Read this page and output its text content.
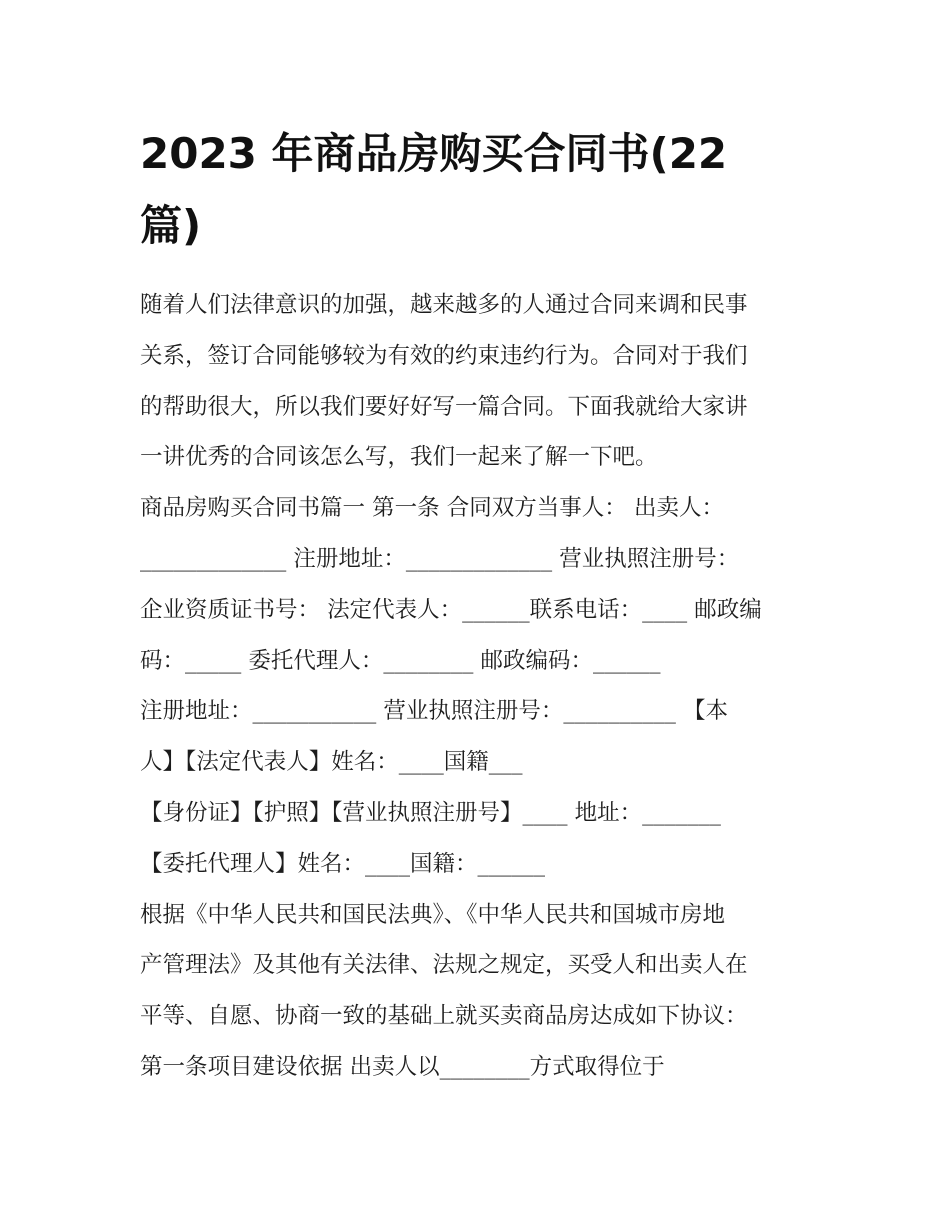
2023 年商品房购买合同书(22
篇)
随着人们法律意识的加强，越来越多的人通过合同来调和民事
关系，签订合同能够较为有效的约束违约行为。合同对于我们
的帮助很大，所以我们要好好写一篇合同。下面我就给大家讲
一讲优秀的合同该怎么写，我们一起来了解一下吧。
商品房购买合同书篇一 第一条 合同双方当事人： 出卖人：
_____________ 注册地址：_____________ 营业执照注册号：
企业资质证书号： 法定代表人：______联系电话：____ 邮政编
码：_____ 委托代理人：________ 邮政编码：______
注册地址：___________ 营业执照注册号：__________ 【本
人】【法定代表人】姓名：____国籍___
【身份证】【护照】【营业执照注册号】____ 地址：_______
【委托代理人】姓名：____国籍：______
根据《中华人民共和国民法典》、《中华人民共和国城市房地
产管理法》及其他有关法律、法规之规定，买受人和出卖人在
平等、自愿、协商一致的基础上就买卖商品房达成如下协议：
第一条项目建设依据 出卖人以________方式取得位于
